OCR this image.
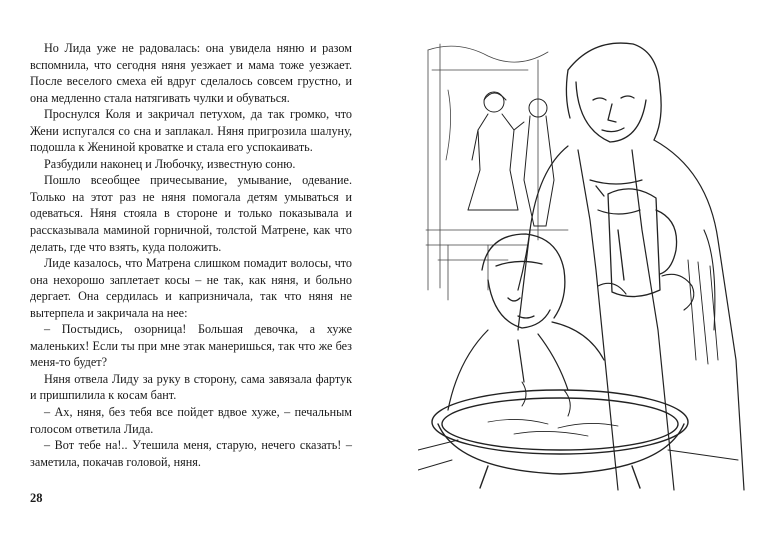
Но Лида уже не радовалась: она увидела няню и разом вспомнила, что сегодня няня уезжает и мама тоже уезжает. После веселого смеха ей вдруг сделалось совсем грустно, и она медленно стала натягивать чулки и обуваться.

Проснулся Коля и закричал петухом, да так громко, что Жени испугался со сна и заплакал. Няня пригрозила шалуну, подошла к Жениной кроватке и стала его успокаивать.

Разбудили наконец и Любочку, известную соню.

Пошло всеобщее причесывание, умывание, одевание. Только на этот раз не няня помогала детям умываться и одеваться. Няня стояла в стороне и только показывала и рассказывала маминой горничной, толстой Матрене, как что делать, где что взять, куда положить.

Лиде казалось, что Матрена слишком помадит волосы, что она нехорошо заплетает косы – не так, как няня, и больно дергает. Она сердилась и капризничала, так что няня не вытерпела и закричала на нее:

– Постыдись, озорница! Большая девочка, а хуже маленьких! Если ты при мне этак манеришься, так что же без меня-то будет?

Няня отвела Лиду за руку в сторону, сама завязала фартук и пришпилила к косам бант.

– Ах, няня, без тебя все пойдет вдвое хуже, – печальным голосом ответила Лида.

– Вот тебе на!.. Утешила меня, старую, нечего сказать! – заметила, покачав головой, няня.

28
